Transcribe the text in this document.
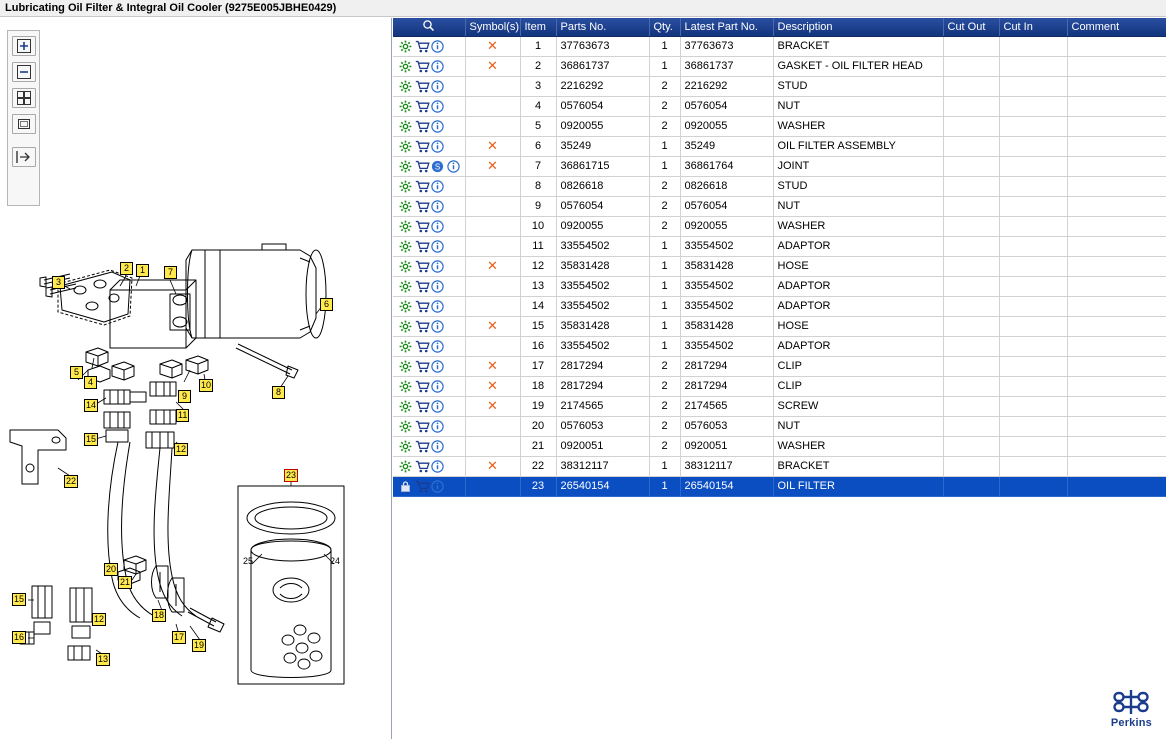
Lubricating Oil Filter & Integral Oil Cooler (9275E005JBHE0429)
2	1	7
3
6
5
4	10
9	8
14
11
15
12
23
22
20
21
15
12	18
16	17
19
13
25	24
	Symbol(s)	Item	Parts No.	Qty.	Latest Part No.	Description	Cut Out	Cut In	Comment

	✕	1	37763673	1	37763673	BRACKET			

	✕	2	36861737	1	36861737	GASKET - OIL FILTER HEAD			

		3	2216292	2	2216292	STUD			

		4	0576054	2	0576054	NUT			

		5	0920055	2	0920055	WASHER			

	✕	6	35249	1	35249	OIL FILTER ASSEMBLY			

S	✕	7	36861715	1	36861764	JOINT			

		8	0826618	2	0826618	STUD			

		9	0576054	2	0576054	NUT			

		10	0920055	2	0920055	WASHER			

		11	33554502	1	33554502	ADAPTOR			

	✕	12	35831428	1	35831428	HOSE			

		13	33554502	1	33554502	ADAPTOR			

		14	33554502	1	33554502	ADAPTOR			

	✕	15	35831428	1	35831428	HOSE			

		16	33554502	1	33554502	ADAPTOR			

	✕	17	2817294	2	2817294	CLIP			

	✕	18	2817294	2	2817294	CLIP			

	✕	19	2174565	2	2174565	SCREW			

		20	0576053	2	0576053	NUT			

		21	0920051	2	0920051	WASHER			

	✕	22	38312117	1	38312117	BRACKET			

		23	26540154	1	26540154	OIL FILTER			
Perkins
